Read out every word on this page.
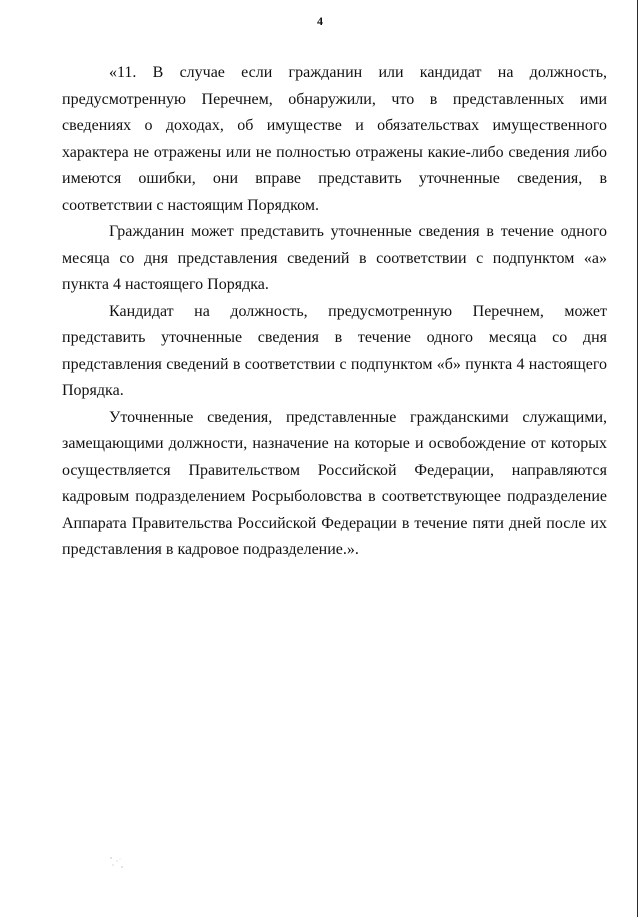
4

«11. В случае если гражданин или кандидат на должность, предусмотренную Перечнем, обнаружили, что в представленных ими сведениях о доходах, об имуществе и обязательствах имущественного характера не отражены или не полностью отражены какие-либо сведения либо имеются ошибки, они вправе представить уточненные сведения, в соответствии с настоящим Порядком.

Гражданин может представить уточненные сведения в течение одного месяца со дня представления сведений в соответствии с подпунктом «а» пункта 4 настоящего Порядка.

Кандидат на должность, предусмотренную Перечнем, может представить уточненные сведения в течение одного месяца со дня представления сведений в соответствии с подпунктом «б» пункта 4 настоящего Порядка.

Уточненные сведения, представленные гражданскими служащими, замещающими должности, назначение на которые и освобождение от которых осуществляется Правительством Российской Федерации, направляются кадровым подразделением Росрыболовства в соответствующее подразделение Аппарата Правительства Российской Федерации в течение пяти дней после их представления в кадровое подразделение.».
